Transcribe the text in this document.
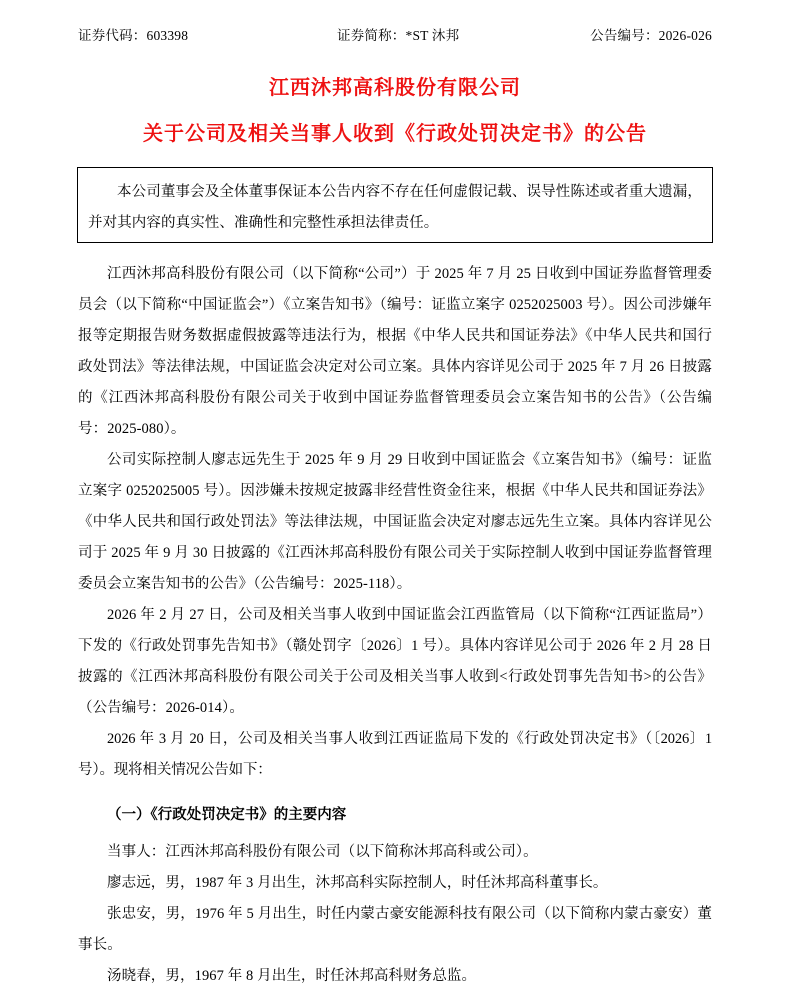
证券代码：603398	证券简称：*ST 沐邦	公告编号：2026-026
江西沐邦高科股份有限公司
关于公司及相关当事人收到《行政处罚决定书》的公告
本公司董事会及全体董事保证本公告内容不存在任何虚假记载、误导性陈述或者重大遗漏，并对其内容的真实性、准确性和完整性承担法律责任。

江西沐邦高科股份有限公司（以下简称“公司”）于 2025 年 7 月 25 日收到中国证券监督管理委员会（以下简称“中国证监会”）《立案告知书》（编号：证监立案字 0252025003 号）。因公司涉嫌年报等定期报告财务数据虚假披露等违法行为，根据《中华人民共和国证券法》《中华人民共和国行政处罚法》等法律法规，中国证监会决定对公司立案。具体内容详见公司于 2025 年 7 月 26 日披露的《江西沐邦高科股份有限公司关于收到中国证券监督管理委员会立案告知书的公告》（公告编号：2025-080）。

公司实际控制人廖志远先生于 2025 年 9 月 29 日收到中国证监会《立案告知书》（编号：证监立案字 0252025005 号）。因涉嫌未按规定披露非经营性资金往来，根据《中华人民共和国证券法》《中华人民共和国行政处罚法》等法律法规，中国证监会决定对廖志远先生立案。具体内容详见公司于 2025 年 9 月 30 日披露的《江西沐邦高科股份有限公司关于实际控制人收到中国证券监督管理委员会立案告知书的公告》（公告编号：2025-118）。

2026 年 2 月 27 日，公司及相关当事人收到中国证监会江西监管局（以下简称“江西证监局”）下发的《行政处罚事先告知书》（赣处罚字〔2026〕1 号）。具体内容详见公司于 2026 年 2 月 28 日披露的《江西沐邦高科股份有限公司关于公司及相关当事人收到<行政处罚事先告知书>的公告》（公告编号：2026-014）。

2026 年 3 月 20 日，公司及相关当事人收到江西证监局下发的《行政处罚决定书》（〔2026〕1 号）。现将相关情况公告如下：

（一）《行政处罚决定书》的主要内容

当事人：江西沐邦高科股份有限公司（以下简称沐邦高科或公司）。

廖志远，男，1987 年 3 月出生，沐邦高科实际控制人，时任沐邦高科董事长。

张忠安，男，1976 年 5 月出生，时任内蒙古豪安能源科技有限公司（以下简称内蒙古豪安）董事长。

汤晓春，男，1967 年 8 月出生，时任沐邦高科财务总监。
